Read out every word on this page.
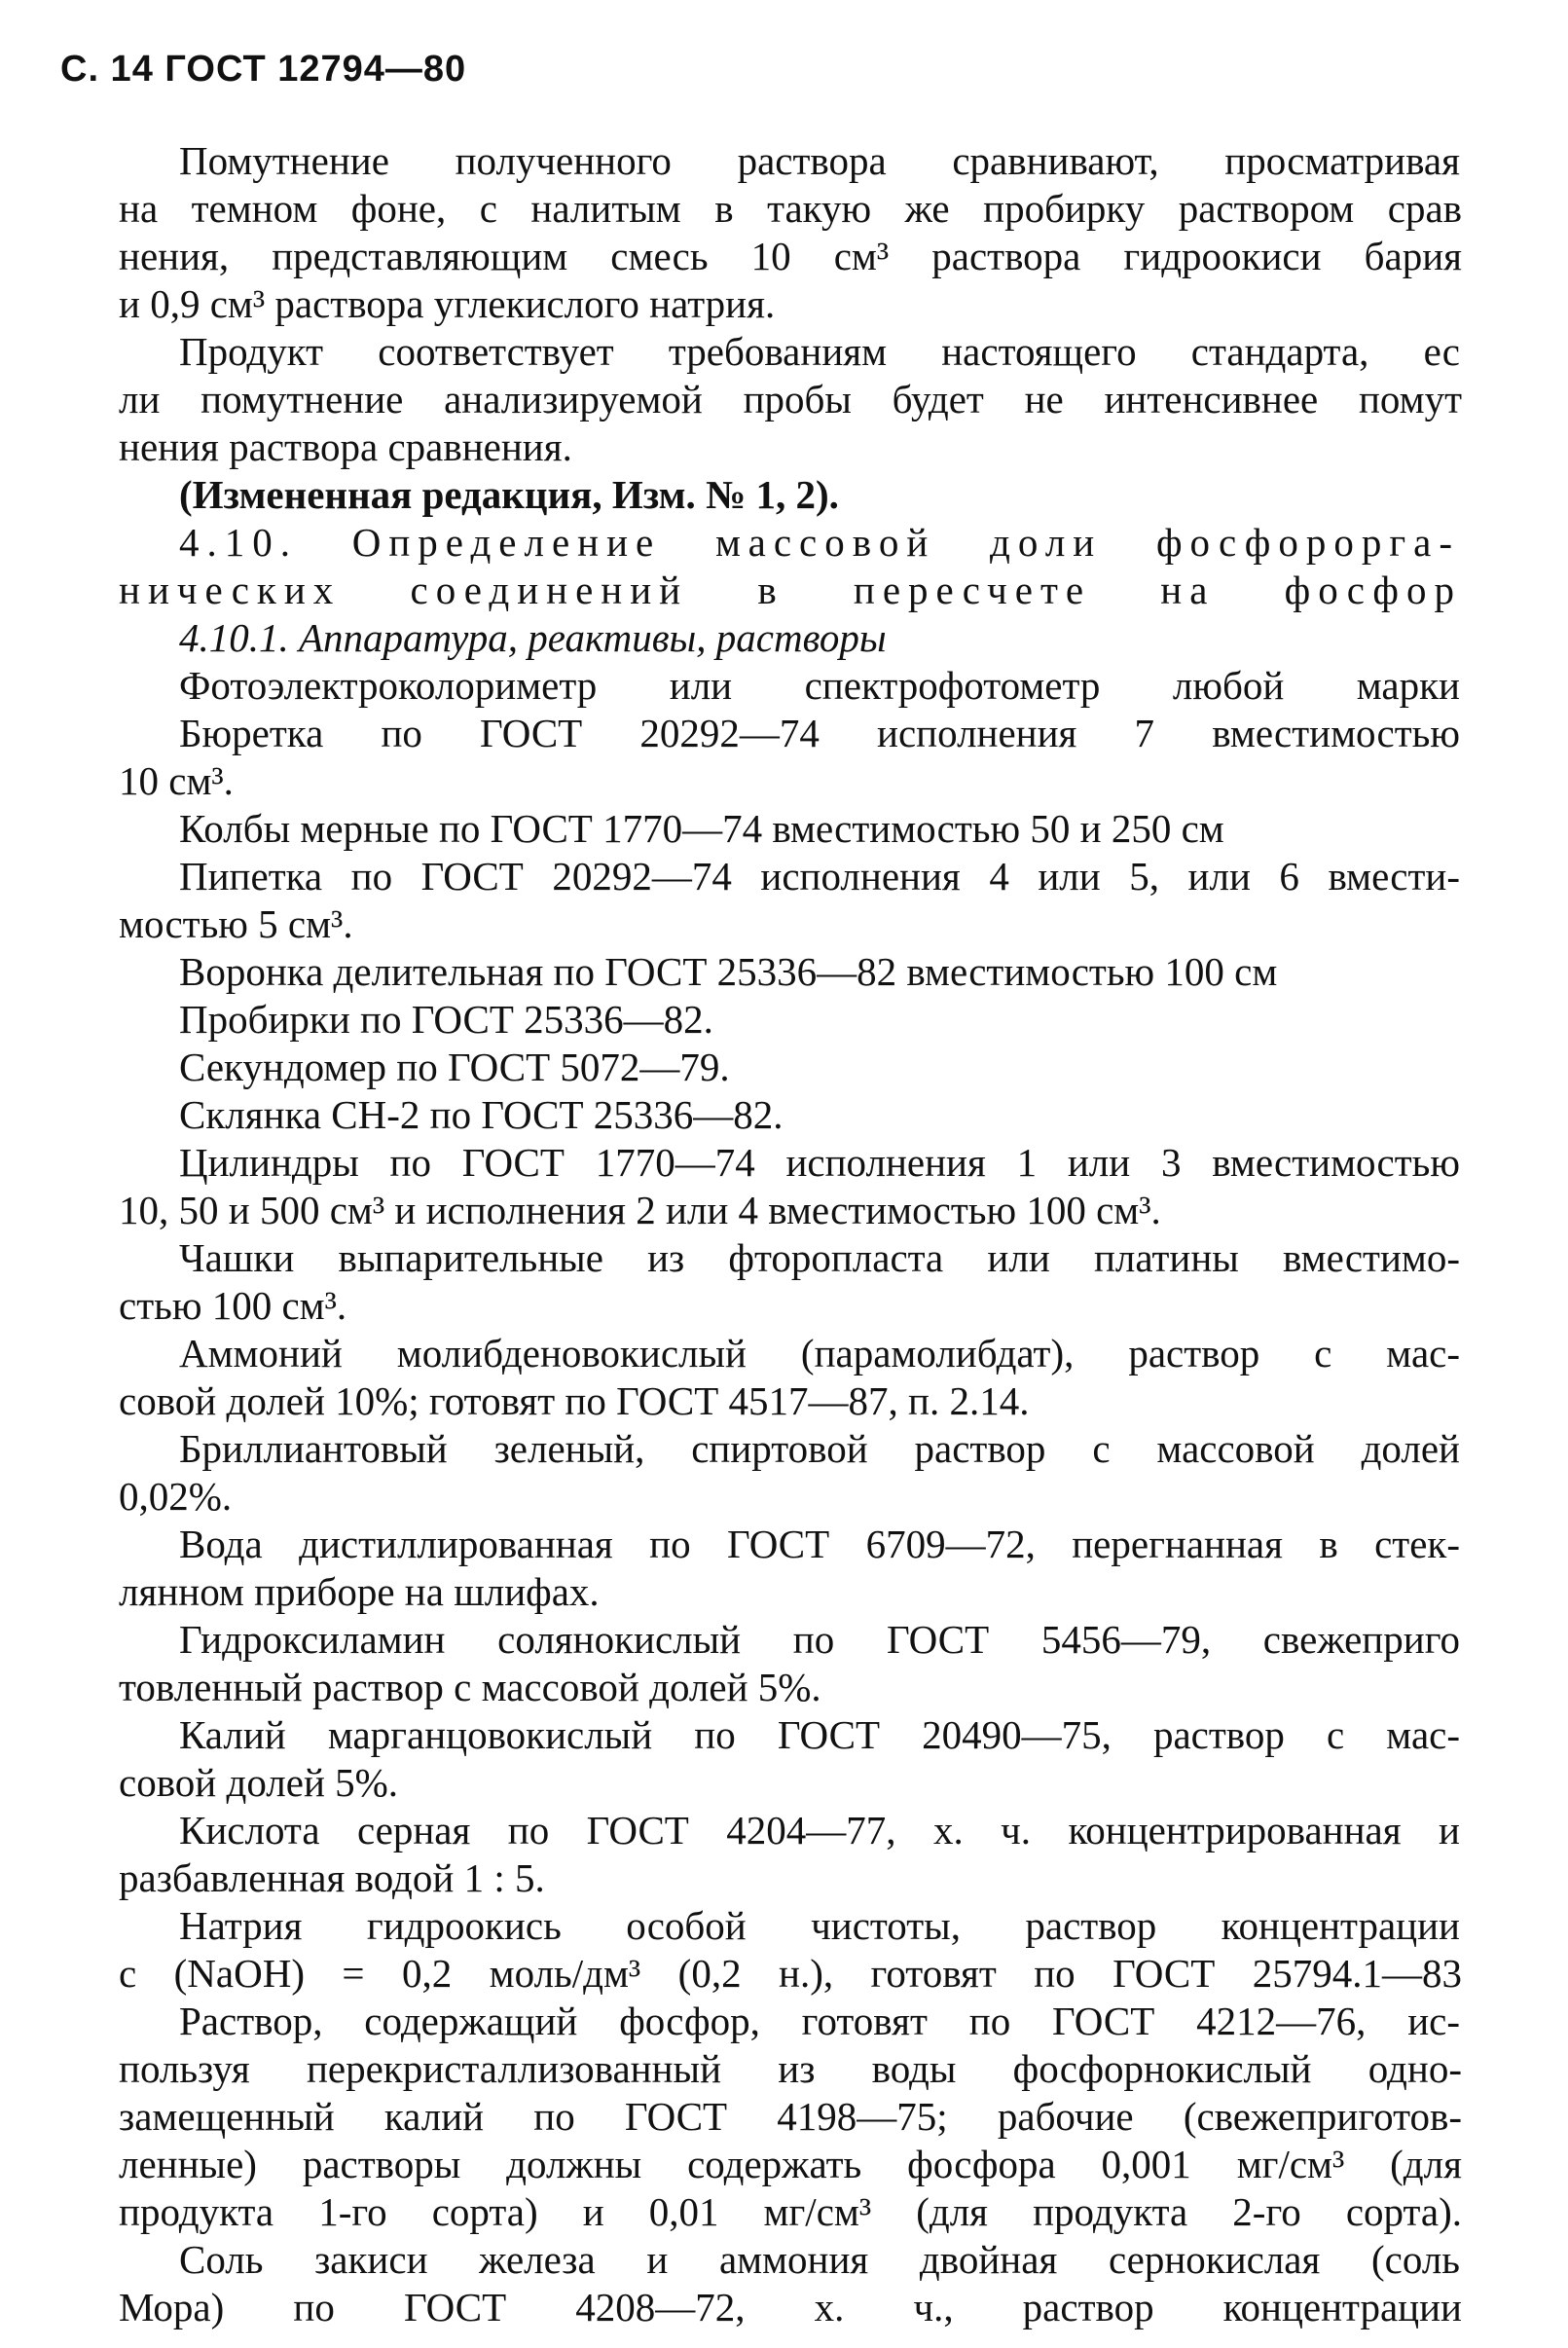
С. 14 ГОСТ 12794—80
Помутнение полученного раствора сравнивают, просматривая
на темном фоне, с налитым в такую же пробирку раствором срав
нения, представляющим смесь 10 см³ раствора гидроокиси бария
и 0,9 см³ раствора углекислого натрия.
Продукт соответствует требованиям настоящего стандарта, ес
ли помутнение анализируемой пробы будет не интенсивнее помут
нения раствора сравнения.
(Измененная редакция, Изм. № 1, 2).
4.10. Определение массовой доли фосфорорга-
нических соединений в пересчете на фосфор
4.10.1. Аппаратура, реактивы, растворы
Фотоэлектроколориметр или спектрофотометр любой марки
Бюретка по ГОСТ 20292—74 исполнения 7 вместимостью
10 см³.
Колбы мерные по ГОСТ 1770—74 вместимостью 50 и 250 см
Пипетка по ГОСТ 20292—74 исполнения 4 или 5, или 6 вмести-
мостью 5 см³.
Воронка делительная по ГОСТ 25336—82 вместимостью 100 см
Пробирки по ГОСТ 25336—82.
Секундомер по ГОСТ 5072—79.
Склянка СН-2 по ГОСТ 25336—82.
Цилиндры по ГОСТ 1770—74 исполнения 1 или 3 вместимостью
10, 50 и 500 см³ и исполнения 2 или 4 вместимостью 100 см³.
Чашки выпарительные из фторопласта или платины вместимо-
стью 100 см³.
Аммоний молибденовокислый (парамолибдат), раствор с мас-
совой долей 10%; готовят по ГОСТ 4517—87, п. 2.14.
Бриллиантовый зеленый, спиртовой раствор с массовой долей
0,02%.
Вода дистиллированная по ГОСТ 6709—72, перегнанная в стек-
лянном приборе на шлифах.
Гидроксиламин солянокислый по ГОСТ 5456—79, свежеприго
товленный раствор с массовой долей 5%.
Калий марганцовокислый по ГОСТ 20490—75, раствор с мас-
совой долей 5%.
Кислота серная по ГОСТ 4204—77, х. ч. концентрированная и
разбавленная водой 1 : 5.
Натрия гидроокись особой чистоты, раствор концентрации
c (NaOH) = 0,2 моль/дм³ (0,2 н.), готовят по ГОСТ 25794.1—83
Раствор, содержащий фосфор, готовят по ГОСТ 4212—76, ис-
пользуя перекристаллизованный из воды фосфорнокислый одно-
замещенный калий по ГОСТ 4198—75; рабочие (свежеприготов-
ленные) растворы должны содержать фосфора 0,001 мг/см³ (для
продукта 1-го сорта) и 0,01 мг/см³ (для продукта 2-го сорта).
Соль закиси железа и аммония двойная сернокислая (соль
Мора) по ГОСТ 4208—72, х. ч., раствор концентрации
